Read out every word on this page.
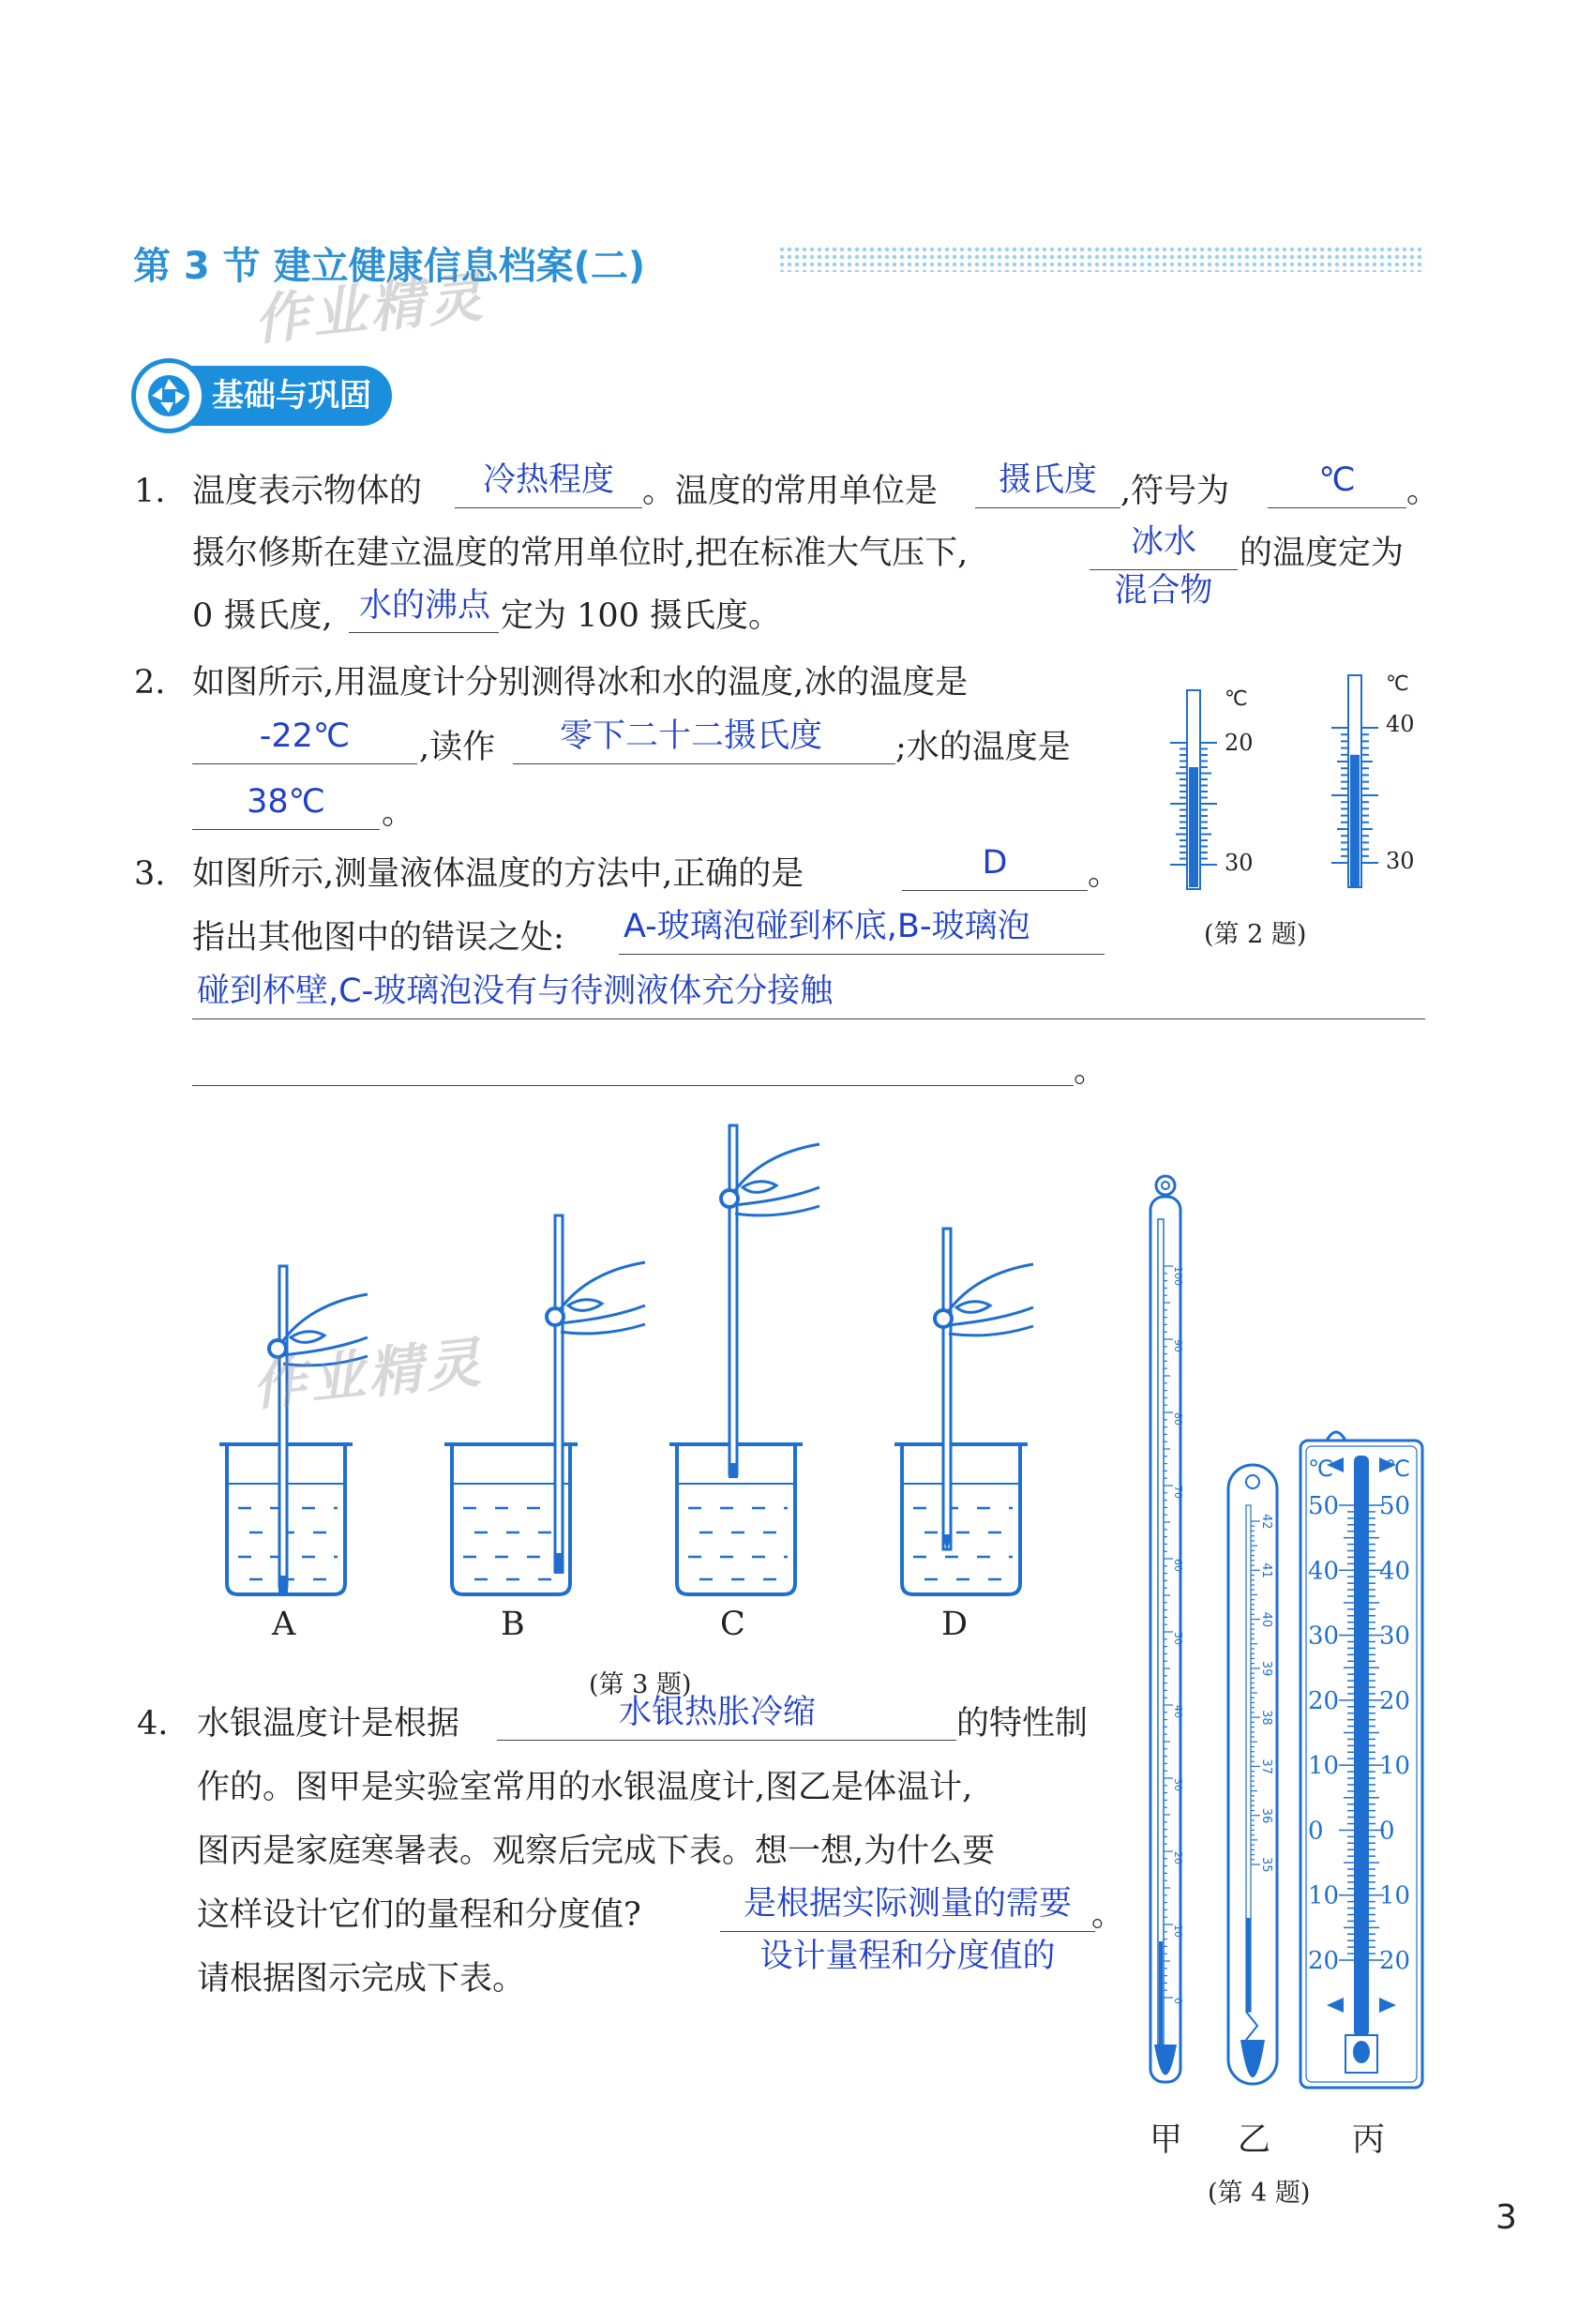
第 3 节 建立健康信息档案(二)
作业精灵
基础与巩固
1. 温度表示物体的	冷热程度 。温度的常用单位是	摄氏度 ,符号为	℃	。
摄尔修斯在建立温度的常用单位时,把在标准大气压下,	冰水
混合物
的温度定为
0 摄氏度, 水的沸点 定为 100 摄氏度。
2. 如图所示,用温度计分别测得冰和水的温度,冰的温度是
-22℃	,读作	零下二十二摄氏度	;水的温度是
38℃	。
℃
20
30
℃
40
30
(第 2 题)
3. 如图所示,测量液体温度的方法中,正确的是	D	。
指出其他图中的错误之处: A-玻璃泡碰到杯底,B-玻璃泡
碰到杯壁,C-玻璃泡没有与待测液体充分接触
。
作业精灵
A	B	C	D
(第 3 题)
4. 水银温度计是根据	水银热胀冷缩	的特性制
作的。图甲是实验室常用的水银温度计,图乙是体温计,
图丙是家庭寒暑表。观察后完成下表。想一想,为什么要
这样设计它们的量程和分度值?	是根据实际测量的需要
设计量程和分度值的
。
请根据图示完成下表。
100
90
80
70
60
50
40
30
20
10
0
42
41
40
39
38
37
36
35
℃ ℃
50 50
40 40
30 30
20 20
10 10
0 0
10 10
20 20
甲 乙 丙
(第 4 题)
3
